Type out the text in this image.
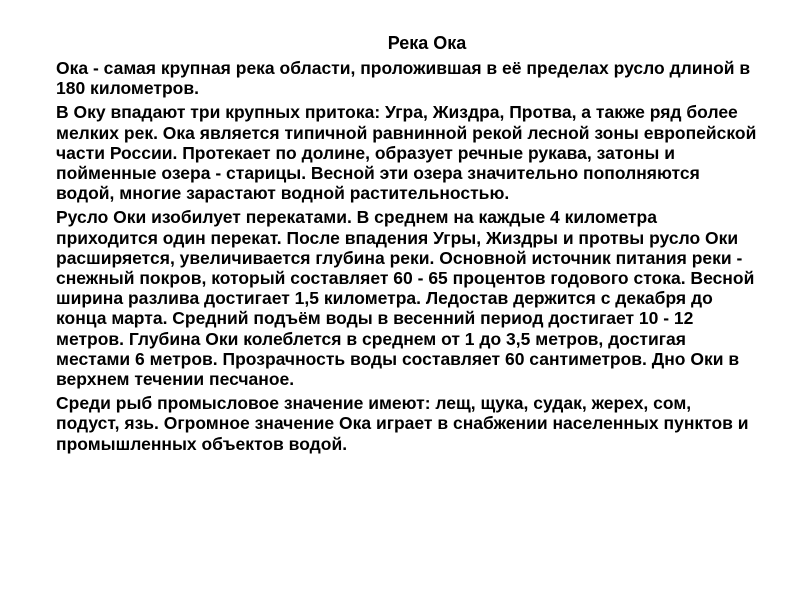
Река Ока

Ока - самая крупная река области, проложившая в её пределах русло длиной в 180 километров.

В Оку впадают три крупных притока: Угра, Жиздра, Протва, а также ряд более мелких рек. Ока является типичной равнинной рекой лесной зоны европейской части России. Протекает по долине, образует речные рукава, затоны и пойменные озера - старицы. Весной эти озера значительно пополняются водой, многие зарастают водной растительностью.

Русло Оки изобилует перекатами. В среднем на каждые 4 километра приходится один перекат. После впадения Угры, Жиздры и протвы русло Оки расширяется, увеличивается глубина реки. Основной источник питания реки - снежный покров, который составляет 60 - 65 процентов годового стока. Весной ширина разлива достигает 1,5 километра. Ледостав держится с декабря до конца марта. Средний подъём воды в весенний период достигает 10 - 12 метров. Глубина Оки колеблется в среднем от 1 до 3,5 метров, достигая местами 6 метров. Прозрачность воды составляет 60 сантиметров. Дно Оки в верхнем течении песчаное.

Среди рыб промысловое значение имеют: лещ, щука, судак, жерех, сом, подуст, язь. Огромное значение Ока играет в снабжении населенных пунктов и промышленных объектов водой.
